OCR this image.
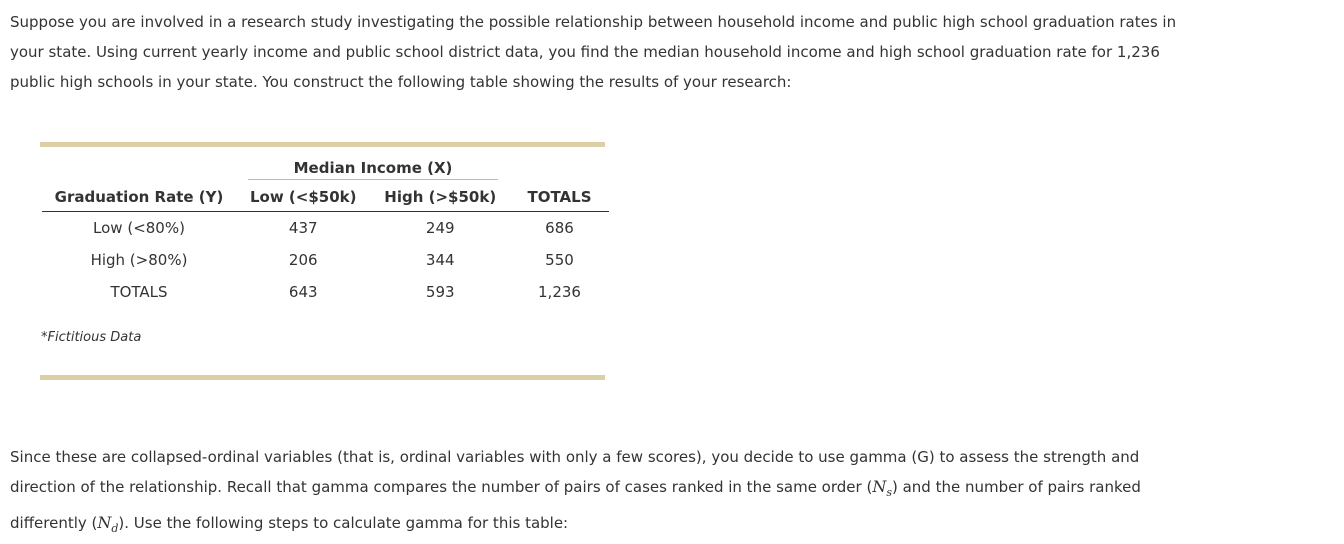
Suppose you are involved in a research study investigating the possible relationship between household income and public high school graduation rates in your state. Using current yearly income and public school district data, you find the median household income and high school graduation rate for 1,236 public high schools in your state. You construct the following table showing the results of your research:

	Median Income (X)		
Graduation Rate (Y)	Low (<$50k)	High (>$50k)	TOTALS
Low (<80%)	437	249	686
High (>80%)	206	344	550
TOTALS	643	593	1,236
*Fictitious Data

Since these are collapsed-ordinal variables (that is, ordinal variables with only a few scores), you decide to use gamma (G) to assess the strength and direction of the relationship. Recall that gamma compares the number of pairs of cases ranked in the same order $(N_s)$ and the number of pairs ranked differently $(N_d)$. Use the following steps to calculate gamma for this table:
